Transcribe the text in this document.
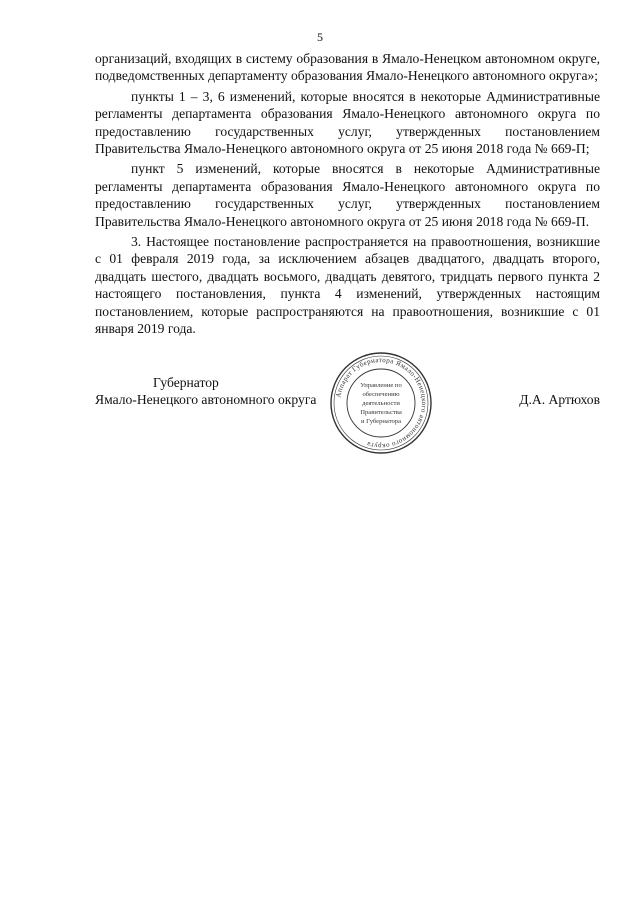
5

организаций, входящих в систему образования в Ямало-Ненецком автономном округе, подведомственных департаменту образования Ямало-Ненецкого автономного округа»;

пункты 1 – 3, 6 изменений, которые вносятся в некоторые Административные регламенты департамента образования Ямало-Ненецкого автономного округа по предоставлению государственных услуг, утвержденных постановлением Правительства Ямало-Ненецкого автономного округа от 25 июня 2018 года № 669-П;

пункт 5 изменений, которые вносятся в некоторые Административные регламенты департамента образования Ямало-Ненецкого автономного округа по предоставлению государственных услуг, утвержденных постановлением Правительства Ямало-Ненецкого автономного округа от 25 июня 2018 года № 669-П.

3. Настоящее постановление распространяется на правоотношения, возникшие с 01 февраля 2019 года, за исключением абзацев двадцатого, двадцать второго, двадцать шестого, двадцать восьмого, двадцать девятого, тридцать первого пункта 2 настоящего постановления, пункта 4 изменений, утвержденных настоящим постановлением, которые распространяются на правоотношения, возникшие с 01 января 2019 года.

Губернатор
Ямало-Ненецкого автономного округа	Д.А. Артюхов
Аппарат Губернатора Ямало-Ненецкого автономного округа
Управление по
обеспечению
деятельности
Правительства
и Губернатора
